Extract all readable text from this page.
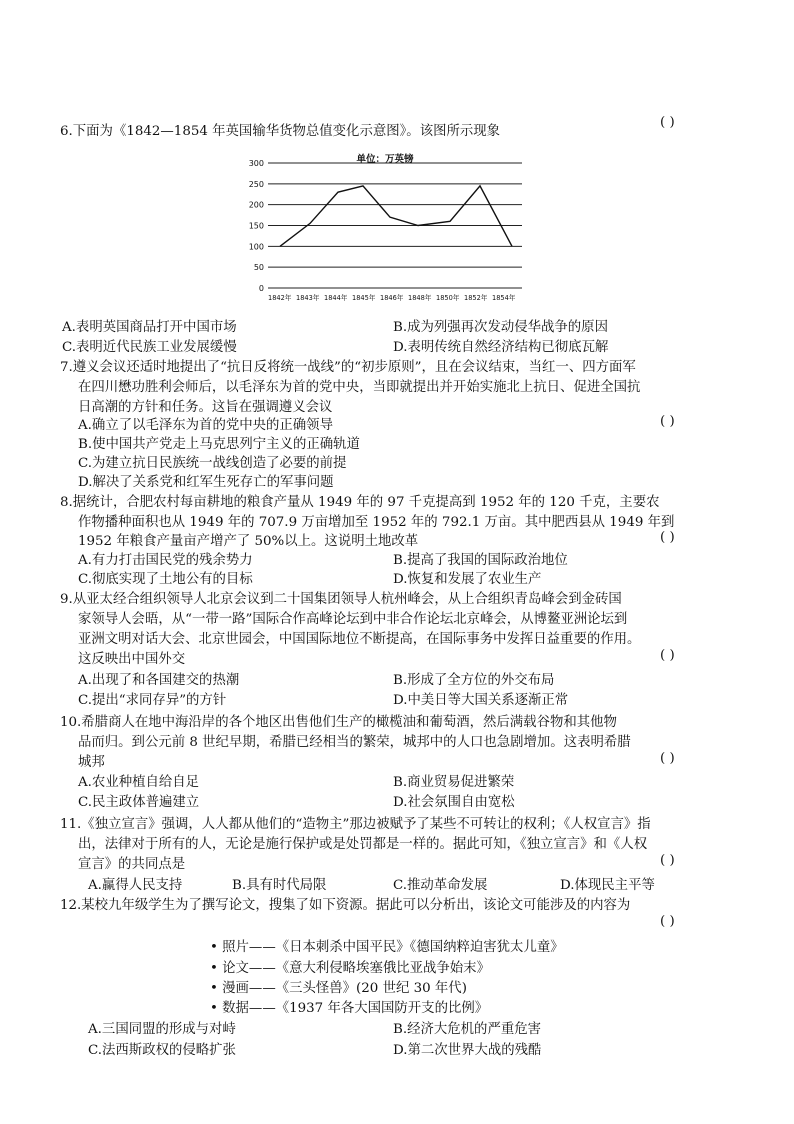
6.下面为《1842—1854 年英国输华货物总值变化示意图》。该图所示现象
( )
单位：万英镑
0
50
100
150
200
250
300
1842年 1843年 1844年 1845年 1846年 1848年 1850年 1852年 1854年
A.表明英国商品打开中国市场	B.成为列强再次发动侵华战争的原因
C.表明近代民族工业发展缓慢	D.表明传统自然经济结构已彻底瓦解
7.遵义会议还适时地提出了“抗日反将统一战线”的“初步原则”，且在会议结束，当红一、四方面军
在四川懋功胜利会师后，以毛泽东为首的党中央，当即就提出并开始实施北上抗日、促进全国抗
日高潮的方针和任务。这旨在强调遵义会议
( )
A.确立了以毛泽东为首的党中央的正确领导
B.使中国共产党走上马克思列宁主义的正确轨道
C.为建立抗日民族统一战线创造了必要的前提
D.解决了关系党和红军生死存亡的军事问题
8.据统计，合肥农村每亩耕地的粮食产量从 1949 年的 97 千克提高到 1952 年的 120 千克，主要农
作物播种面积也从 1949 年的 707.9 万亩增加至 1952 年的 792.1 万亩。其中肥西县从 1949 年到
1952 年粮食产量亩产增产了 50%以上。这说明土地改革	( )
A.有力打击国民党的残余势力	B.提高了我国的国际政治地位
C.彻底实现了土地公有的目标	D.恢复和发展了农业生产
9.从亚太经合组织领导人北京会议到二十国集团领导人杭州峰会，从上合组织青岛峰会到金砖国
家领导人会晤，从“一带一路”国际合作高峰论坛到中非合作论坛北京峰会，从博鳌亚洲论坛到
亚洲文明对话大会、北京世园会，中国国际地位不断提高，在国际事务中发挥日益重要的作用。
这反映出中国外交	( )
A.出现了和各国建交的热潮	B.形成了全方位的外交布局
C.提出“求同存异”的方针	D.中美日等大国关系逐渐正常
10.希腊商人在地中海沿岸的各个地区出售他们生产的橄榄油和葡萄酒，然后满载谷物和其他物
品而归。到公元前 8 世纪早期，希腊已经相当的繁荣，城邦中的人口也急剧增加。这表明希腊
城邦	( )
A.农业种植自给自足	B.商业贸易促进繁荣
C.民主政体普遍建立	D.社会氛围自由宽松
11.《独立宣言》强调，人人都从他们的“造物主”那边被赋予了某些不可转让的权利；《人权宣言》指
出，法律对于所有的人，无论是施行保护或是处罚都是一样的。据此可知，《独立宣言》和《人权
宣言》的共同点是	( )
A.赢得人民支持	B.具有时代局限	C.推动革命发展	D.体现民主平等
12.某校九年级学生为了撰写论文，搜集了如下资源。据此可以分析出，该论文可能涉及的内容为
( )
• 照片——《日本刺杀中国平民》《德国纳粹迫害犹太儿童》
• 论文——《意大利侵略埃塞俄比亚战争始末》
• 漫画——《三头怪兽》(20 世纪 30 年代)
• 数据——《1937 年各大国国防开支的比例》
A.三国同盟的形成与对峙	B.经济大危机的严重危害
C.法西斯政权的侵略扩张	D.第二次世界大战的残酷
